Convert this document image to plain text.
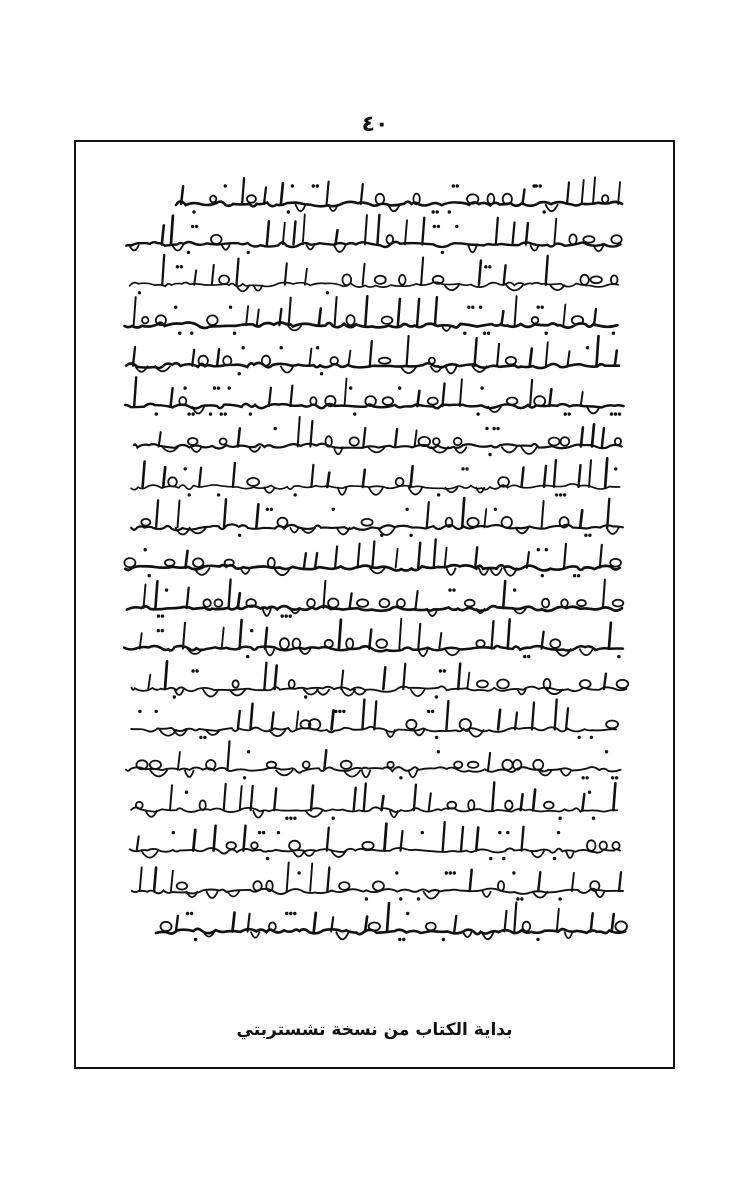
٤٠
بداية الكتاب من نسخة تشستربتي
